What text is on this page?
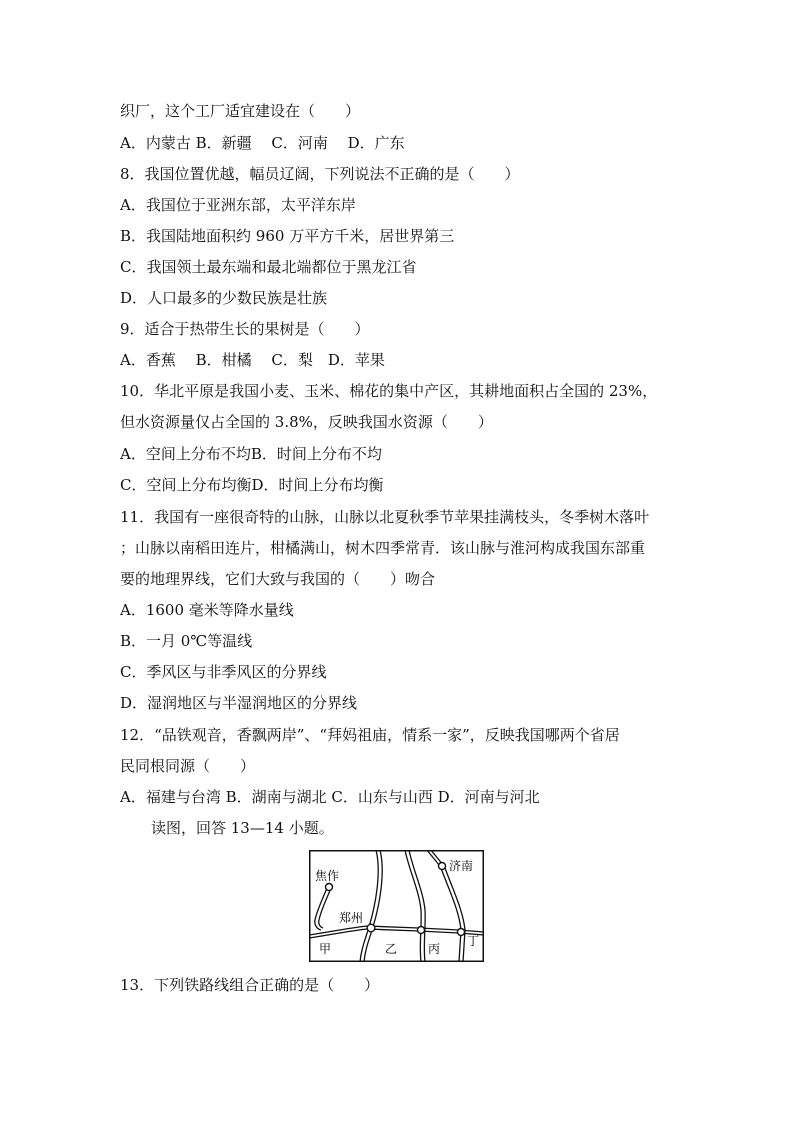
织厂，这个工厂适宜建设在（　　）
A．内蒙古 B．新疆　 C．河南　 D．广东
8．我国位置优越，幅员辽阔，下列说法不正确的是（　　）
A．我国位于亚洲东部，太平洋东岸
B．我国陆地面积约 960 万平方千米，居世界第三
C．我国领土最东端和最北端都位于黑龙江省
D．人口最多的少数民族是壮族
9．适合于热带生长的果树是（　　）
A．香蕉　 B．柑橘　 C．梨　D．苹果
10．华北平原是我国小麦、玉米、棉花的集中产区，其耕地面积占全国的 23%，
但水资源量仅占全国的 3.8%，反映我国水资源（　　）
A．空间上分布不均B．时间上分布不均
C．空间上分布均衡D．时间上分布均衡
11．我国有一座很奇特的山脉，山脉以北夏秋季节苹果挂满枝头，冬季树木落叶
；山脉以南稻田连片，柑橘满山，树木四季常青．该山脉与淮河构成我国东部重
要的地理界线，它们大致与我国的（　　）吻合
A．1600 毫米等降水量线
B．一月 0℃等温线
C．季风区与非季风区的分界线
D．湿润地区与半湿润地区的分界线
12．“品铁观音，香飘两岸”、“拜妈祖庙，情系一家”，反映我国哪两个省居
民同根同源（　　）
A．福建与台湾 B．湖南与湖北 C．山东与山西 D．河南与河北
读图，回答 13—14 小题。
济南
焦作
郑州
甲	乙	丙
丁
13．下列铁路线组合正确的是（　　）
